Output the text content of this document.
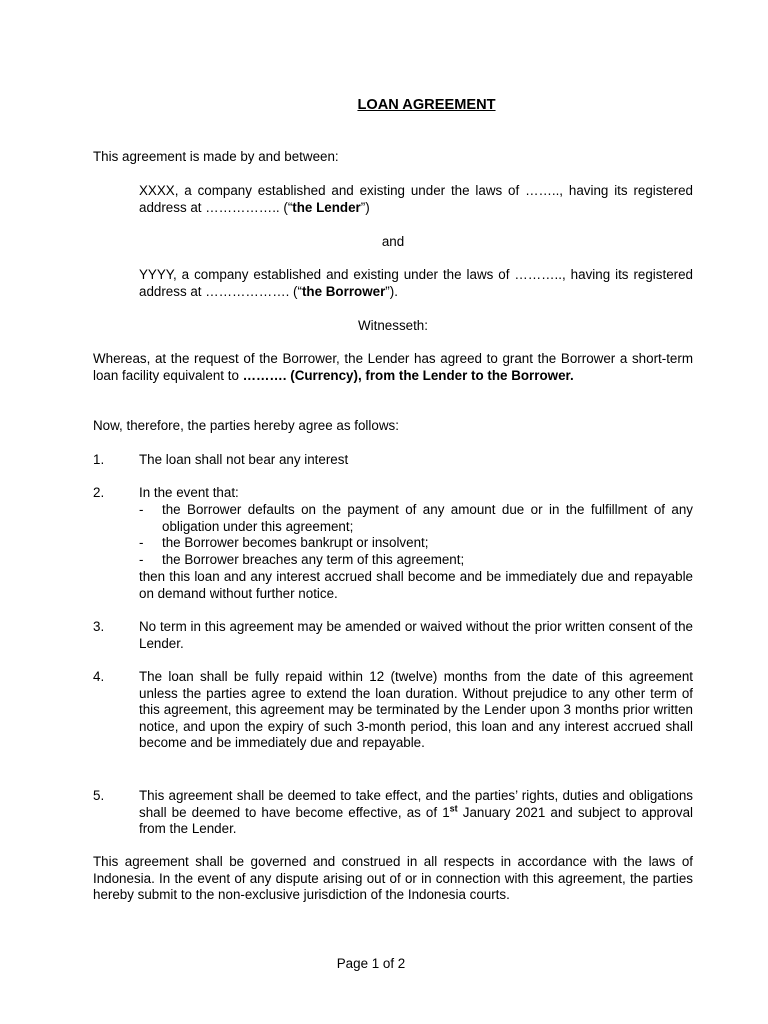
LOAN AGREEMENT
This agreement is made by and between:
XXXX, a company established and existing under the laws of …….., having its registered address at …………….. (“the Lender”)
and
YYYY, a company established and existing under the laws of ……….., having its registered address at ………………. (“the Borrower”).
Witnesseth:
Whereas, at the request of the Borrower, the Lender has agreed to grant the Borrower a short-term loan facility equivalent to ………. (Currency), from the Lender to the Borrower.
Now, therefore, the parties hereby agree as follows:
1.	The loan shall not bear any interest
2.	In the event that:
-	the Borrower defaults on the payment of any amount due or in the fulfillment of any obligation under this agreement;
-	the Borrower becomes bankrupt or insolvent;
-	the Borrower breaches any term of this agreement;
then this loan and any interest accrued shall become and be immediately due and repayable on demand without further notice.
3.	No term in this agreement may be amended or waived without the prior written consent of the Lender.
4.	The loan shall be fully repaid within 12 (twelve) months from the date of this agreement unless the parties agree to extend the loan duration. Without prejudice to any other term of this agreement, this agreement may be terminated by the Lender upon 3 months prior written notice, and upon the expiry of such 3-month period, this loan and any interest accrued shall become and be immediately due and repayable.
5.	This agreement shall be deemed to take effect, and the parties’ rights, duties and obligations shall be deemed to have become effective, as of 1st January 2021 and subject to approval from the Lender.
This agreement shall be governed and construed in all respects in accordance with the laws of Indonesia. In the event of any dispute arising out of or in connection with this agreement, the parties hereby submit to the non-exclusive jurisdiction of the Indonesia courts.
Page 1 of 2
